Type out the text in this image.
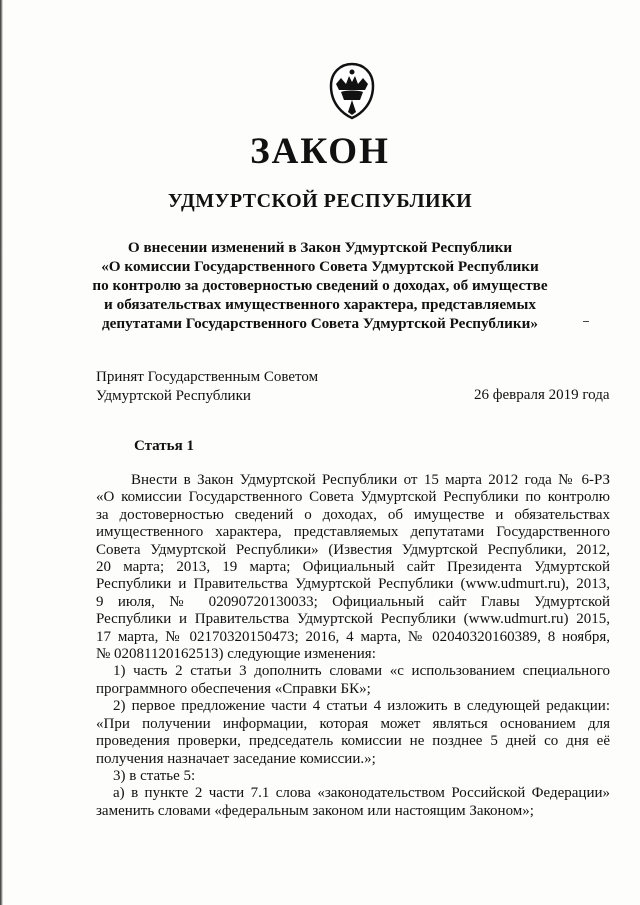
ЗАКОН
УДМУРТСКОЙ РЕСПУБЛИКИ
О внесении изменений в Закон Удмуртской Республики
«О комиссии Государственного Совета Удмуртской Республики
по контролю за достоверностью сведений о доходах, об имуществе
и обязательствах имущественного характера, представляемых
депутатами Государственного Совета Удмуртской Республики»
Принят Государственным Советом
Удмуртской Республики	26 февраля 2019 года
Статья 1
Внести в Закон Удмуртской Республики от 15 марта 2012 года № 6-РЗ
«О комиссии Государственного Совета Удмуртской Республики по контролю
за достоверностью сведений о доходах, об имуществе и обязательствах
имущественного характера, представляемых депутатами Государственного
Совета Удмуртской Республики» (Известия Удмуртской Республики, 2012,
20 марта; 2013, 19 марта; Официальный сайт Президента Удмуртской
Республики и Правительства Удмуртской Республики (www.udmurt.ru), 2013,
9 июля, № 02090720130033; Официальный сайт Главы Удмуртской
Республики и Правительства Удмуртской Республики (www.udmurt.ru) 2015,
17 марта, № 02170320150473; 2016, 4 марта, № 02040320160389, 8 ноября,
№ 02081120162513) следующие изменения:
1) часть 2 статьи 3 дополнить словами «с использованием специального
программного обеспечения «Справки БК»;
2) первое предложение части 4 статьи 4 изложить в следующей редакции:
«При получении информации, которая может являться основанием для
проведения проверки, председатель комиссии не позднее 5 дней со дня её
получения назначает заседание комиссии.»;
3) в статье 5:
а) в пункте 2 части 7.1 слова «законодательством Российской Федерации»
заменить словами «федеральным законом или настоящим Законом»;
